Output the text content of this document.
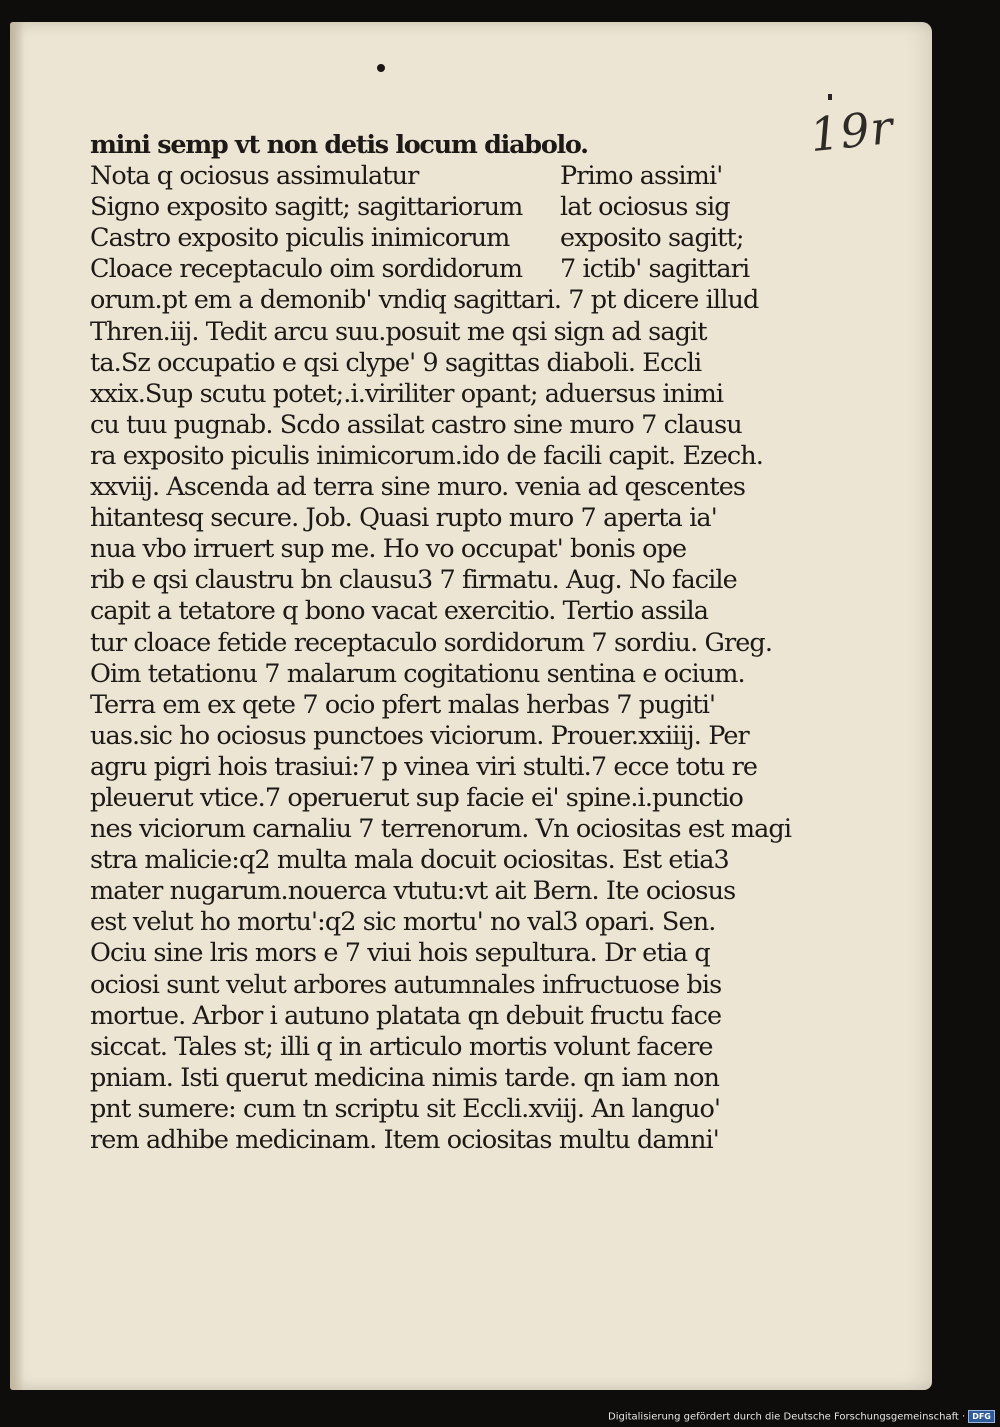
19r
mini semp vt non detis locum diabolo.
Nota q ociosus assimulatur
Signo exposito sagitt; sagittariorum
Castro exposito piculis inimicorum
Cloace receptaculo oim sordidorum
Primo assimi'
lat ociosus sig
exposito sagitt;
7 ictib' sagittari
orum.pt em a demonib' vndiq sagittari. 7 pt dicere illud
Thren.iij. Tedit arcu suu.posuit me qsi sign ad sagit
ta.Sz occupatio e qsi clype' 9 sagittas diaboli. Eccli
xxix.Sup scutu potet;.i.viriliter opant; aduersus inimi
cu tuu pugnab. Scdo assilat castro sine muro 7 clausu
ra exposito piculis inimicorum.ido de facili capit. Ezech.
xxviij. Ascenda ad terra sine muro. venia ad qescentes
hitantesq secure. Job. Quasi rupto muro 7 aperta ia'
nua vbo irruert sup me. Ho vo occupat' bonis ope
rib e qsi claustru bn clausu3 7 firmatu. Aug. No facile
capit a tetatore q bono vacat exercitio. Tertio assila
tur cloace fetide receptaculo sordidorum 7 sordiu. Greg.
Oim tetationu 7 malarum cogitationu sentina e ocium.
Terra em ex qete 7 ocio pfert malas herbas 7 pugiti'
uas.sic ho ociosus punctoes viciorum. Prouer.xxiiij. Per
agru pigri hois trasiui:7 p vinea viri stulti.7 ecce totu re
pleuerut vtice.7 operuerut sup facie ei' spine.i.punctio
nes viciorum carnaliu 7 terrenorum. Vn ociositas est magi
stra malicie:q2 multa mala docuit ociositas. Est etia3
mater nugarum.nouerca vtutu:vt ait Bern. Ite ociosus
est velut ho mortu':q2 sic mortu' no val3 opari. Sen.
Ociu sine lris mors e 7 viui hois sepultura. Dr etia q
ociosi sunt velut arbores autumnales infructuose bis
mortue. Arbor i autuno platata qn debuit fructu face
siccat. Tales st; illi q in articulo mortis volunt facere
pniam. Isti querut medicina nimis tarde. qn iam non
pnt sumere: cum tn scriptu sit Eccli.xviij. An languo'
rem adhibe medicinam. Item ociositas multu damni'
Digitalisierung gefördert durch die Deutsche Forschungsgemeinschaft · DFG
